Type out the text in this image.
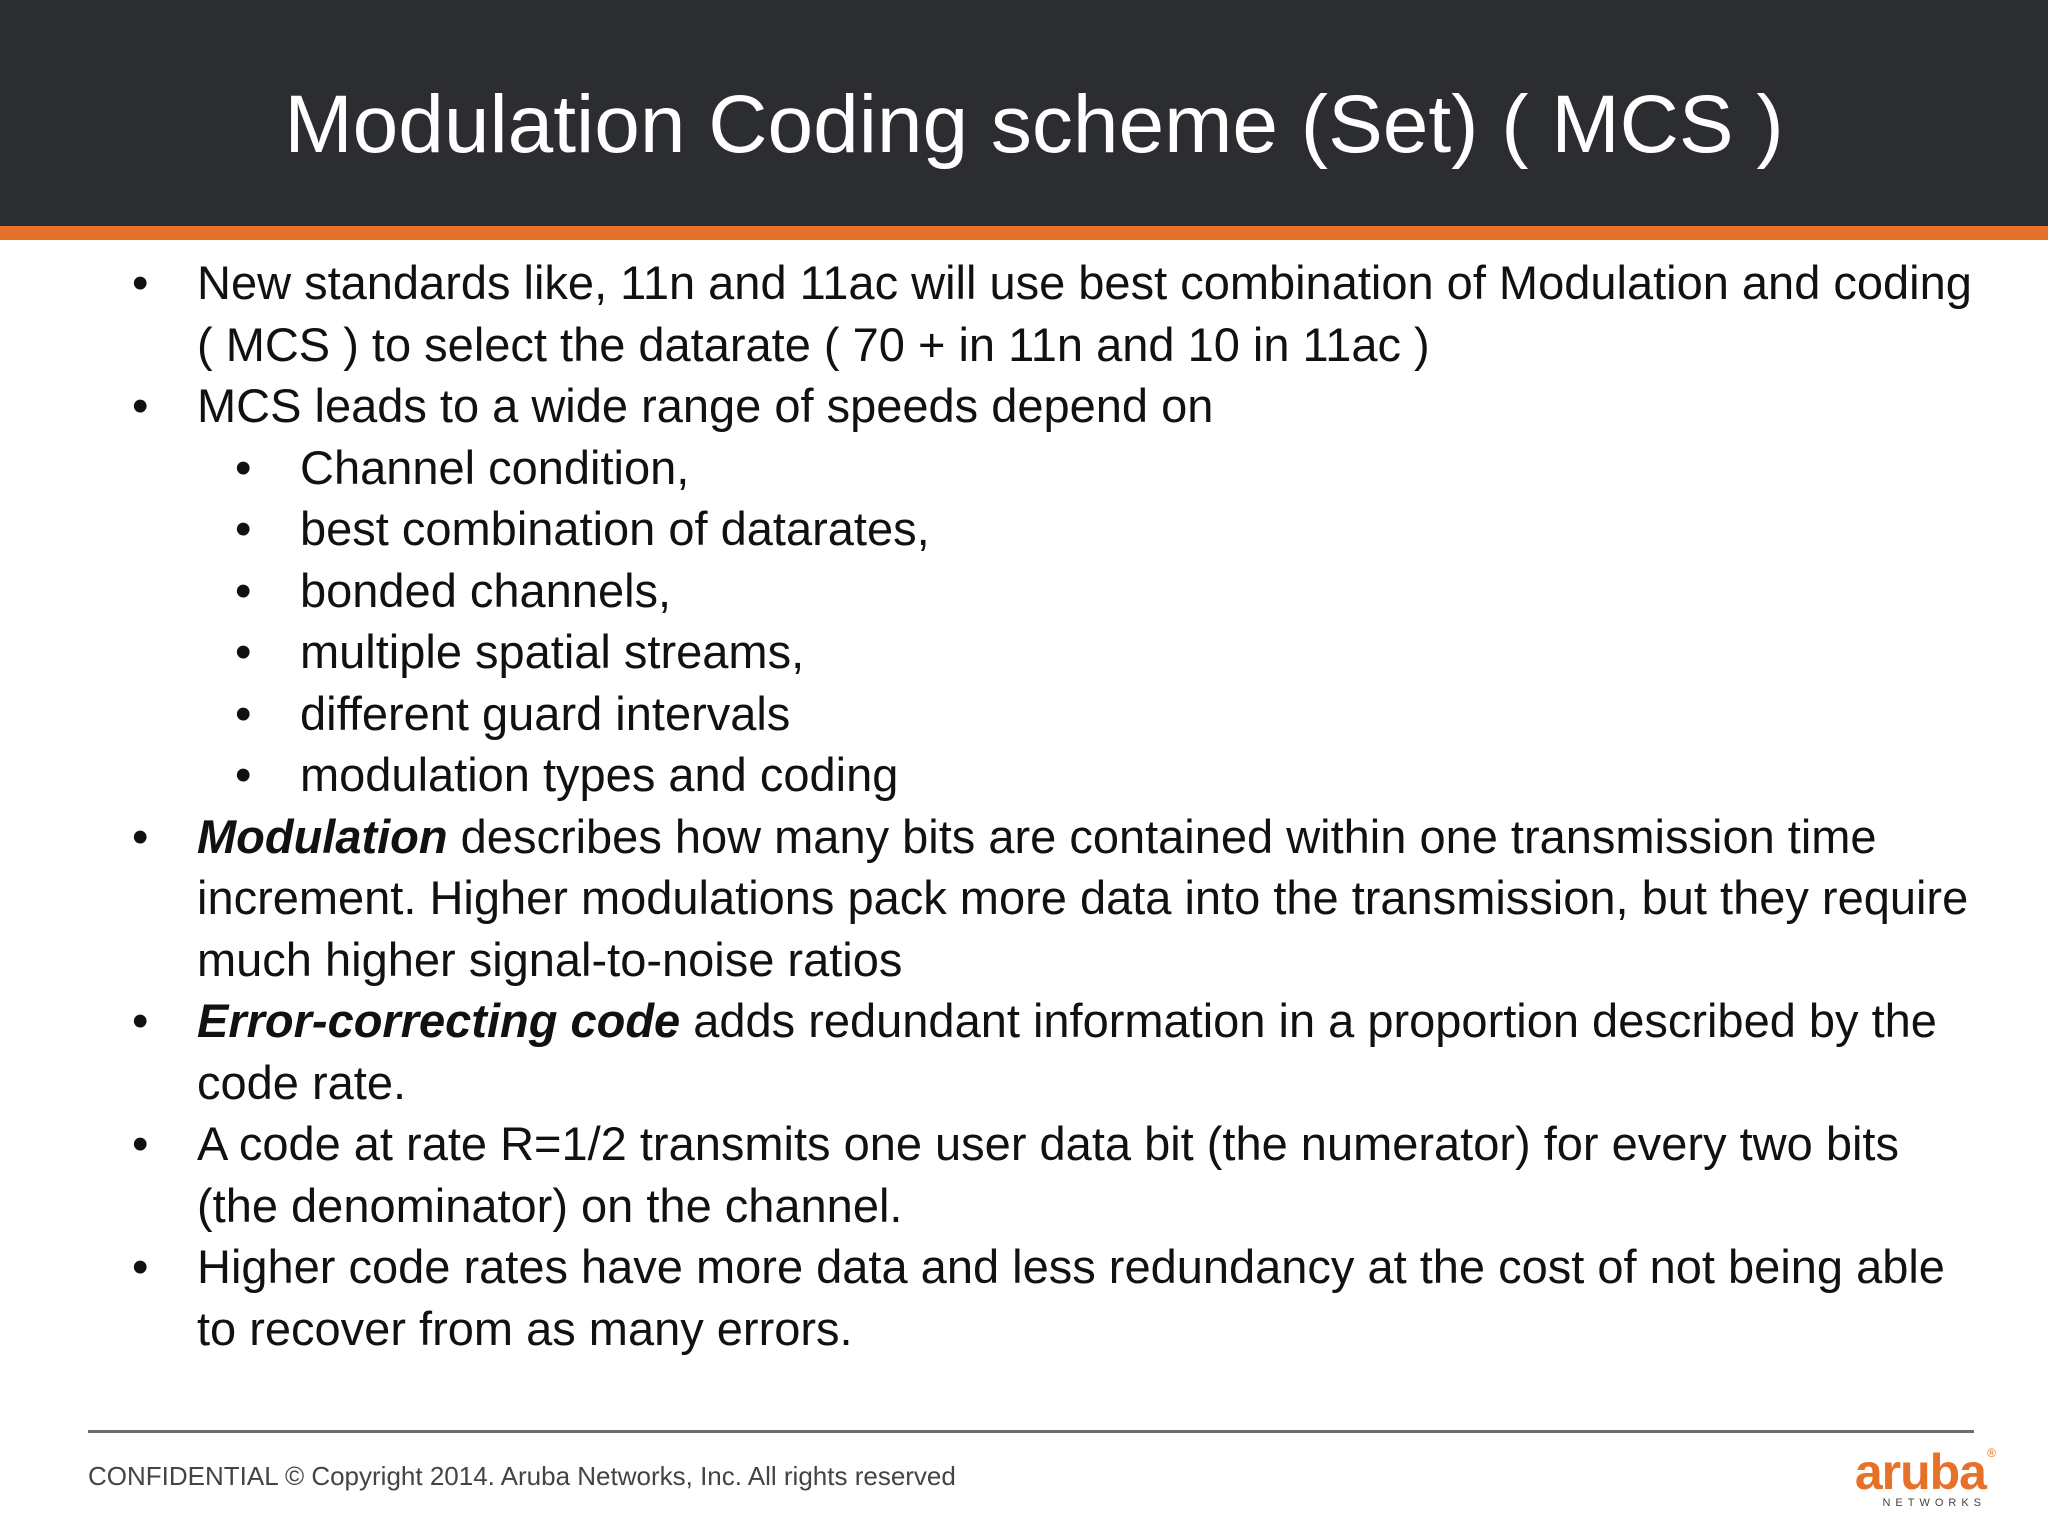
Modulation Coding scheme (Set) ( MCS )
• New standards like, 11n and 11ac will use best combination of Modulation and coding ( MCS ) to select the datarate ( 70 + in 11n and 10 in 11ac )
• MCS leads to a wide range of speeds depend on
• Channel condition,
• best combination of datarates,
• bonded channels,
• multiple spatial streams,
• different guard intervals
• modulation types and coding
• Modulation describes how many bits are contained within one transmission time increment. Higher modulations pack more data into the transmission, but they require much higher signal-to-noise ratios
• Error-correcting code adds redundant information in a proportion described by the code rate.
• A code at rate R=1/2 transmits one user data bit (the numerator) for every two bits (the denominator) on the channel.
• Higher code rates have more data and less redundancy at the cost of not being able to recover from as many errors.
CONFIDENTIAL © Copyright 2014. Aruba Networks, Inc. All rights reserved	aruba ®
NETWORKS
